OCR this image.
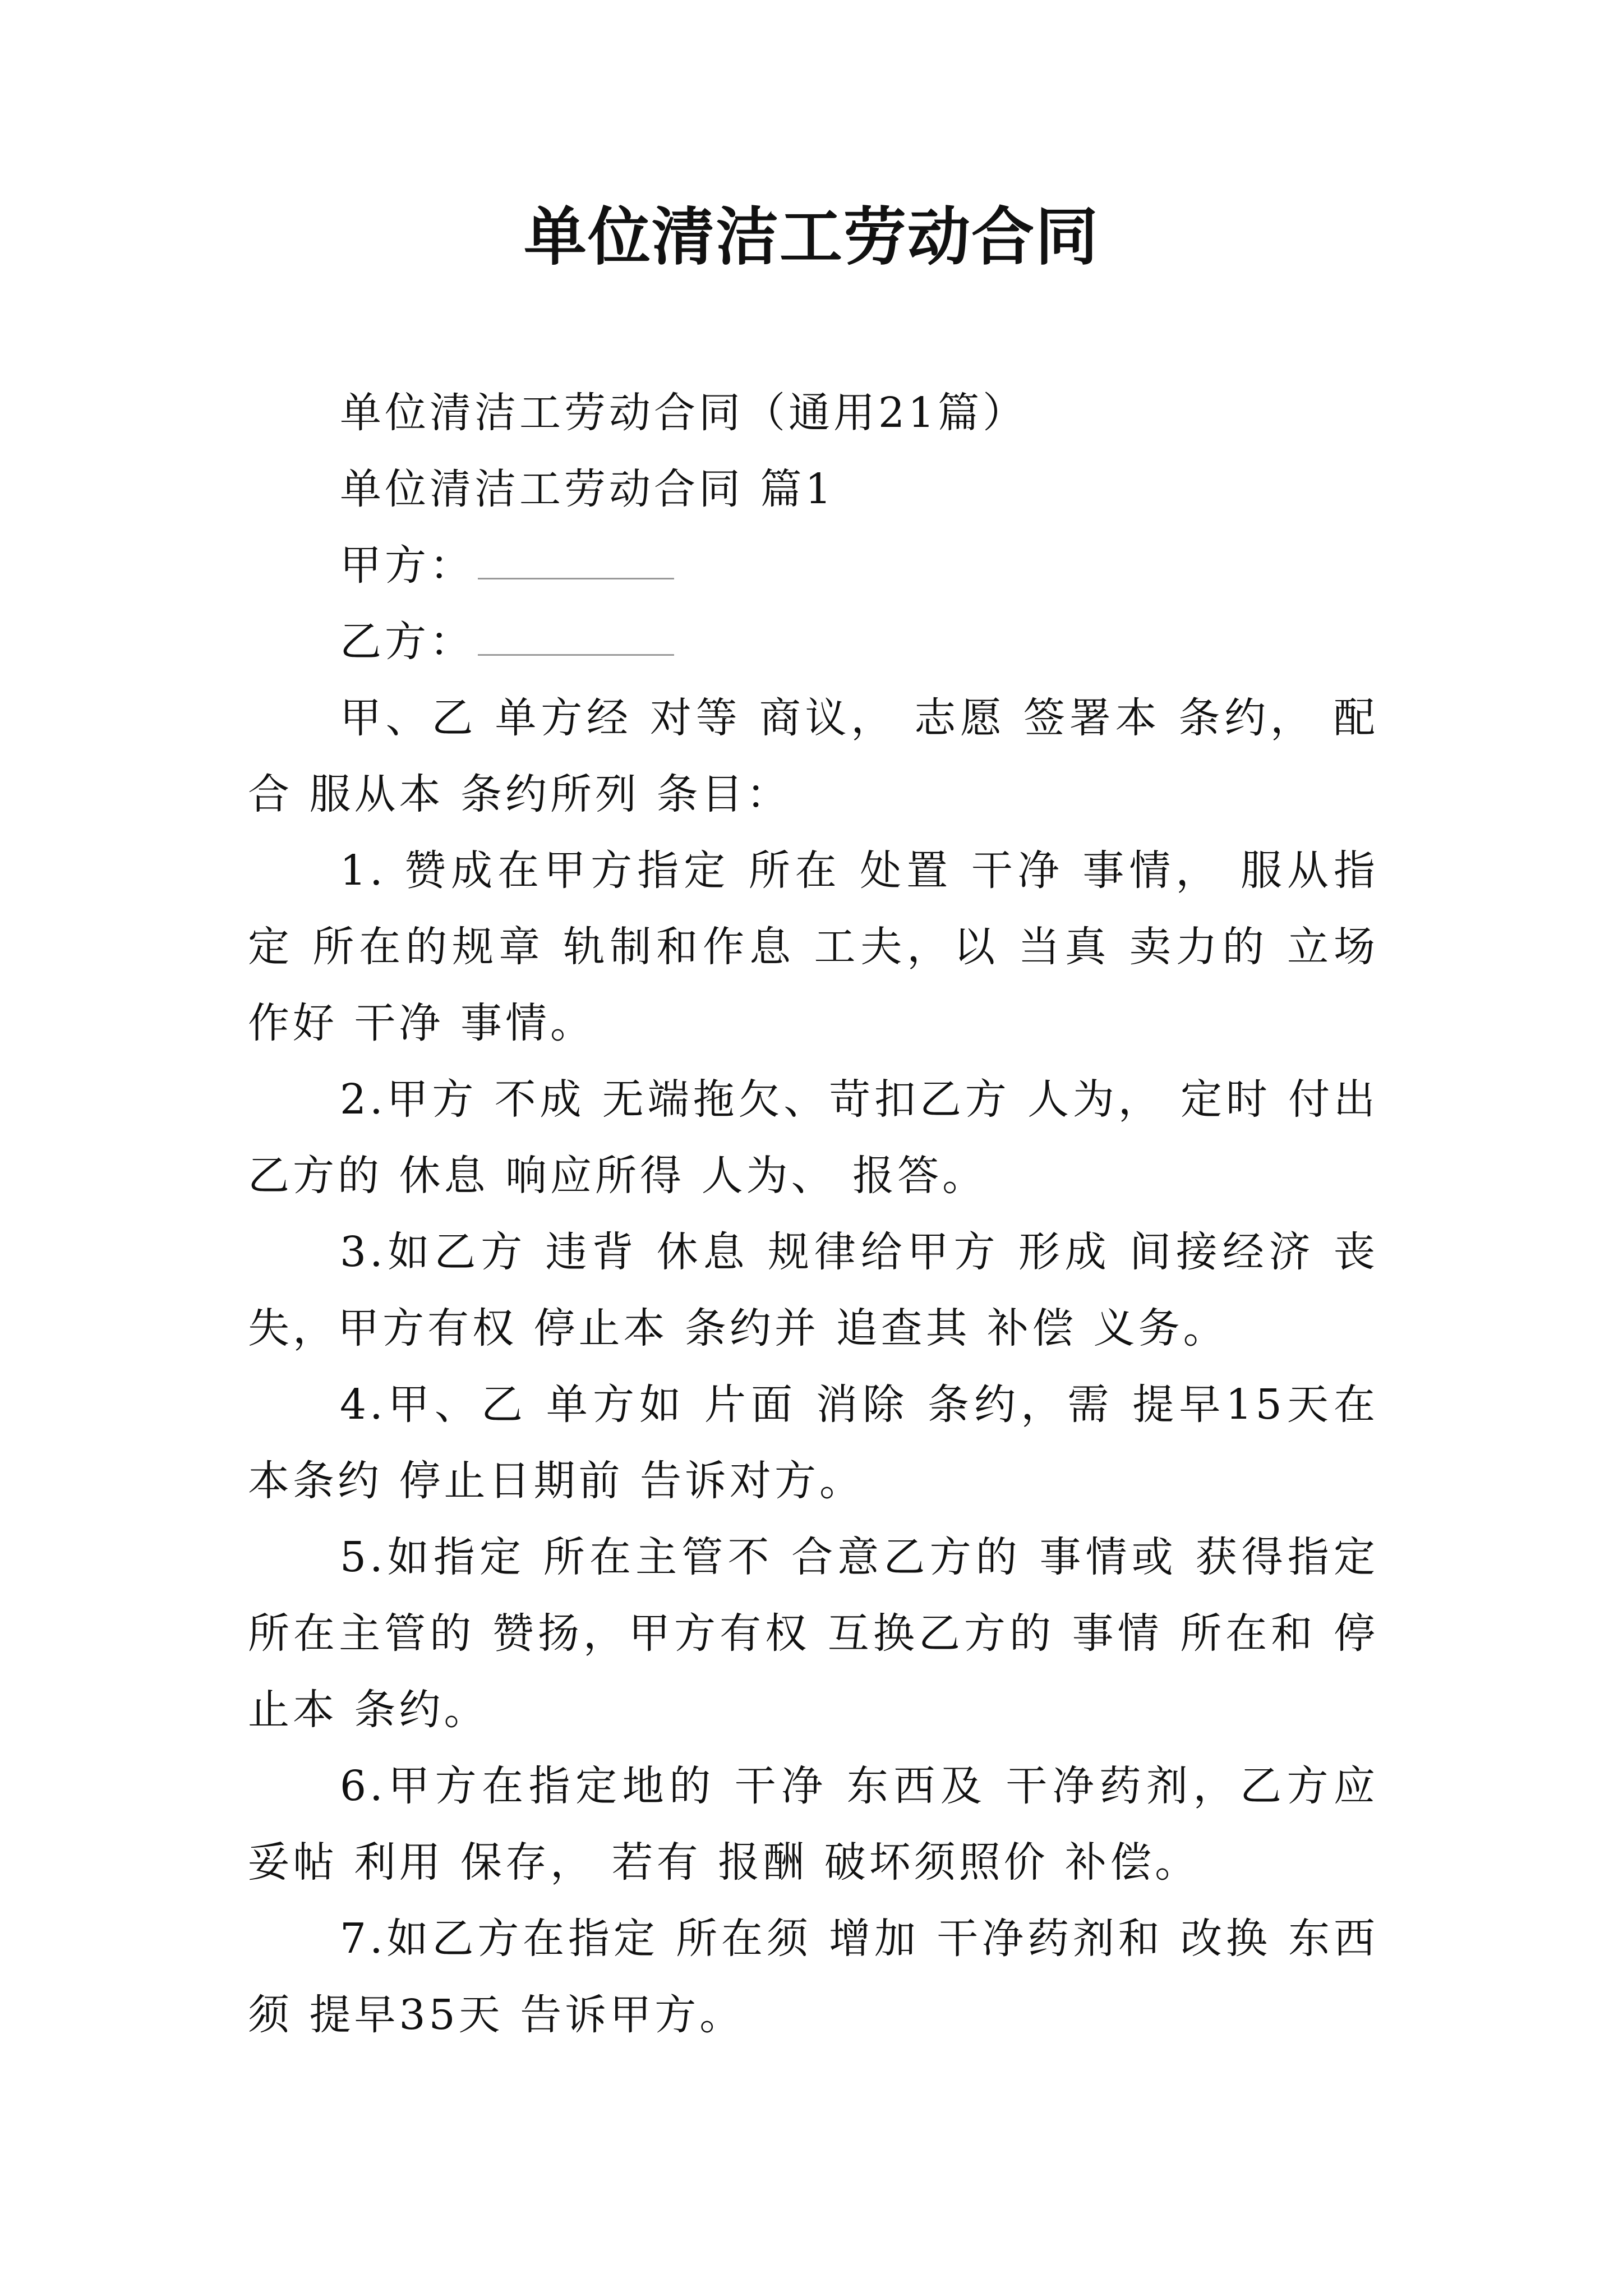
单位清洁工劳动合同

单位清洁工劳动合同（通用21篇）

单位清洁工劳动合同 篇1

甲方：

乙方：

甲、乙 单方经 对等 商议， 志愿 签署本 条约， 配合 服从本 条约所列 条目：

1. 赞成在甲方指定 所在 处置 干净 事情， 服从指定 所在的规章 轨制和作息 工夫，以 当真 卖力的 立场作好 干净 事情。

2.甲方 不成 无端拖欠、苛扣乙方 人为， 定时 付出乙方的 休息 响应所得 人为、 报答。

3.如乙方 违背 休息 规律给甲方 形成 间接经济 丧失，甲方有权 停止本 条约并 追查其 补偿 义务。

4.甲、乙 单方如 片面 消除 条约，需 提早15天在本条约 停止日期前 告诉对方。

5.如指定 所在主管不 合意乙方的 事情或 获得指定所在主管的 赞扬，甲方有权 互换乙方的 事情 所在和 停止本 条约。

6.甲方在指定地的 干净 东西及 干净药剂，乙方应 妥帖 利用 保存， 若有 报酬 破坏须照价 补偿。

7.如乙方在指定 所在须 增加 干净药剂和 改换 东西须 提早35天 告诉甲方。
